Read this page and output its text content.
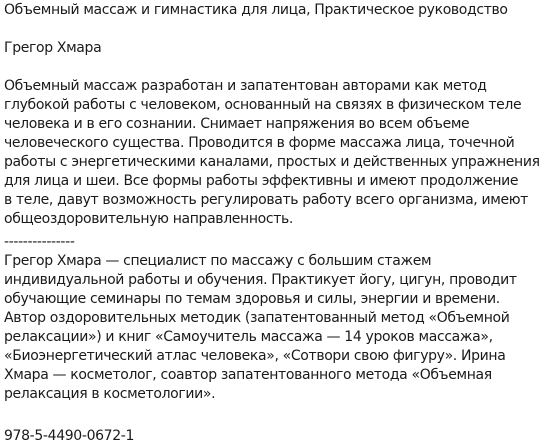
Объемный массаж и гимнастика для лица, Практическое руководство
Грегор Хмара
Объемный массаж разработан и запатентован авторами как метод
глубокой работы с человеком, основанный на связях в физическом теле
человека и в его сознании. Снимает напряжения во всем объеме
человеческого существа. Проводится в форме массажа лица, точечной
работы с энергетическими каналами, простых и действенных упражнения
для лица и шеи. Все формы работы эффективны и имеют продолжение
в теле, давут возможность регулировать работу всего организма, имеют
общеоздоровительную направленность.
---------------
Грегор Хмара — специалист по массажу с большим стажем
индивидуальной работы и обучения. Практикует йогу, цигун, проводит
обучающие семинары по темам здоровья и силы, энергии и времени.
Автор оздоровительных методик (запатентованный метод «Объемной
релаксации») и книг «Самоучитель массажа — 14 уроков массажа»,
«Биоэнергетический атлас человека», «Сотвори свою фигуру». Ирина
Хмара — косметолог, соавтор запатентованного метода «Объемная
релаксация в косметологии».
978-5-4490-0672-1
